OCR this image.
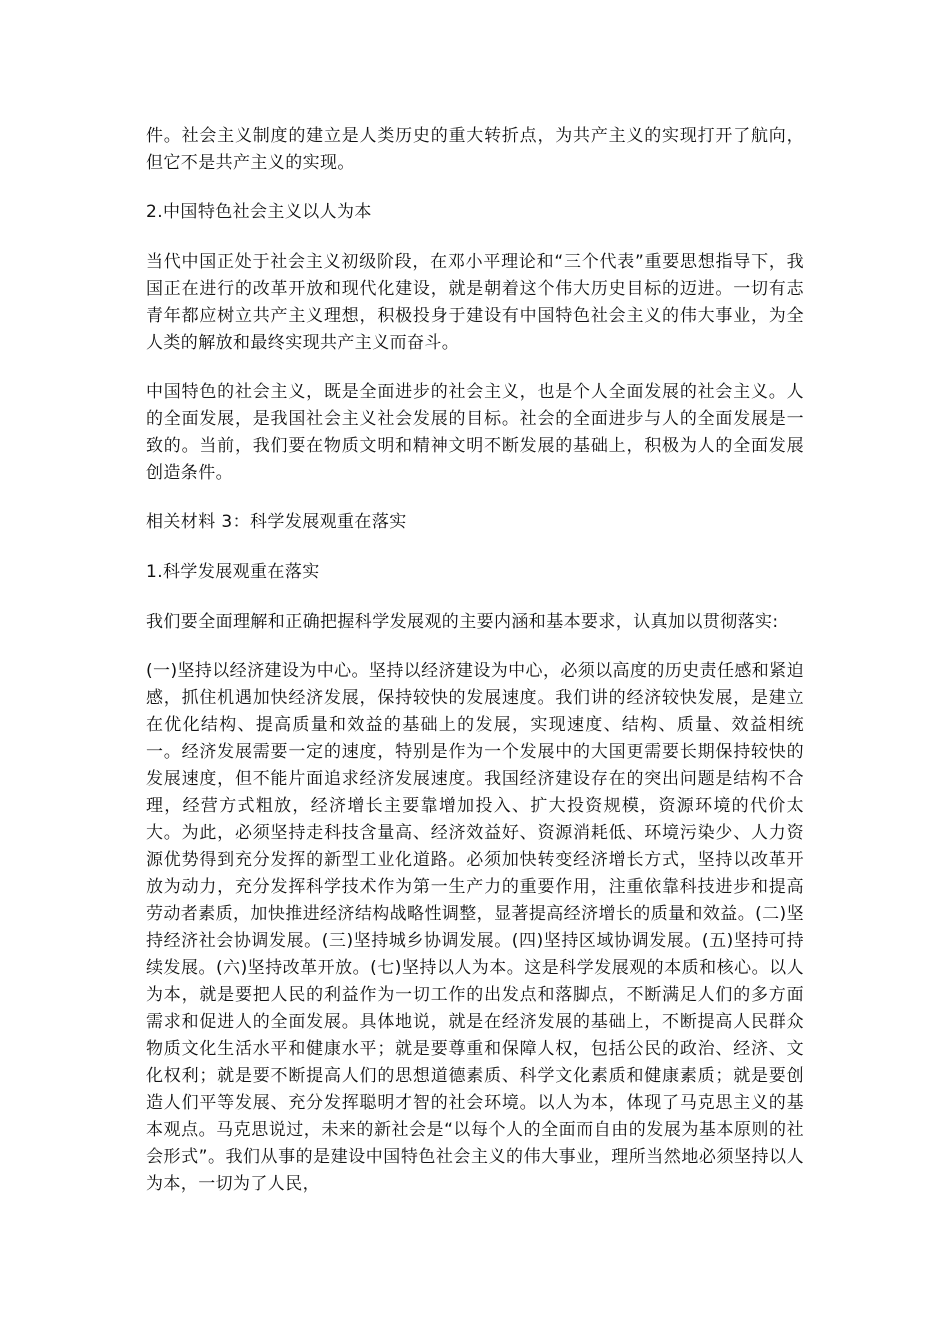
件。社会主义制度的建立是人类历史的重大转折点，为共产主义的实现打开了航向，但它不是共产主义的实现。

2.中国特色社会主义以人为本

当代中国正处于社会主义初级阶段，在邓小平理论和“三个代表”重要思想指导下，我国正在进行的改革开放和现代化建设，就是朝着这个伟大历史目标的迈进。一切有志青年都应树立共产主义理想，积极投身于建设有中国特色社会主义的伟大事业，为全人类的解放和最终实现共产主义而奋斗。

中国特色的社会主义，既是全面进步的社会主义，也是个人全面发展的社会主义。人的全面发展，是我国社会主义社会发展的目标。社会的全面进步与人的全面发展是一致的。当前，我们要在物质文明和精神文明不断发展的基础上，积极为人的全面发展创造条件。

相关材料 3：科学发展观重在落实

1.科学发展观重在落实

我们要全面理解和正确把握科学发展观的主要内涵和基本要求，认真加以贯彻落实:

(一)坚持以经济建设为中心。坚持以经济建设为中心，必须以高度的历史责任感和紧迫感，抓住机遇加快经济发展，保持较快的发展速度。我们讲的经济较快发展，是建立在优化结构、提高质量和效益的基础上的发展，实现速度、结构、质量、效益相统一。经济发展需要一定的速度，特别是作为一个发展中的大国更需要长期保持较快的发展速度，但不能片面追求经济发展速度。我国经济建设存在的突出问题是结构不合理，经营方式粗放，经济增长主要靠增加投入、扩大投资规模，资源环境的代价太大。为此，必须坚持走科技含量高、经济效益好、资源消耗低、环境污染少、人力资源优势得到充分发挥的新型工业化道路。必须加快转变经济增长方式，坚持以改革开放为动力，充分发挥科学技术作为第一生产力的重要作用，注重依靠科技进步和提高劳动者素质，加快推进经济结构战略性调整，显著提高经济增长的质量和效益。(二)坚持经济社会协调发展。(三)坚持城乡协调发展。(四)坚持区域协调发展。(五)坚持可持续发展。(六)坚持改革开放。(七)坚持以人为本。这是科学发展观的本质和核心。以人为本，就是要把人民的利益作为一切工作的出发点和落脚点，不断满足人们的多方面需求和促进人的全面发展。具体地说，就是在经济发展的基础上，不断提高人民群众物质文化生活水平和健康水平；就是要尊重和保障人权，包括公民的政治、经济、文化权利；就是要不断提高人们的思想道德素质、科学文化素质和健康素质；就是要创造人们平等发展、充分发挥聪明才智的社会环境。以人为本，体现了马克思主义的基本观点。马克思说过，未来的新社会是“以每个人的全面而自由的发展为基本原则的社会形式”。我们从事的是建设中国特色社会主义的伟大事业，理所当然地必须坚持以人为本，一切为了人民，
